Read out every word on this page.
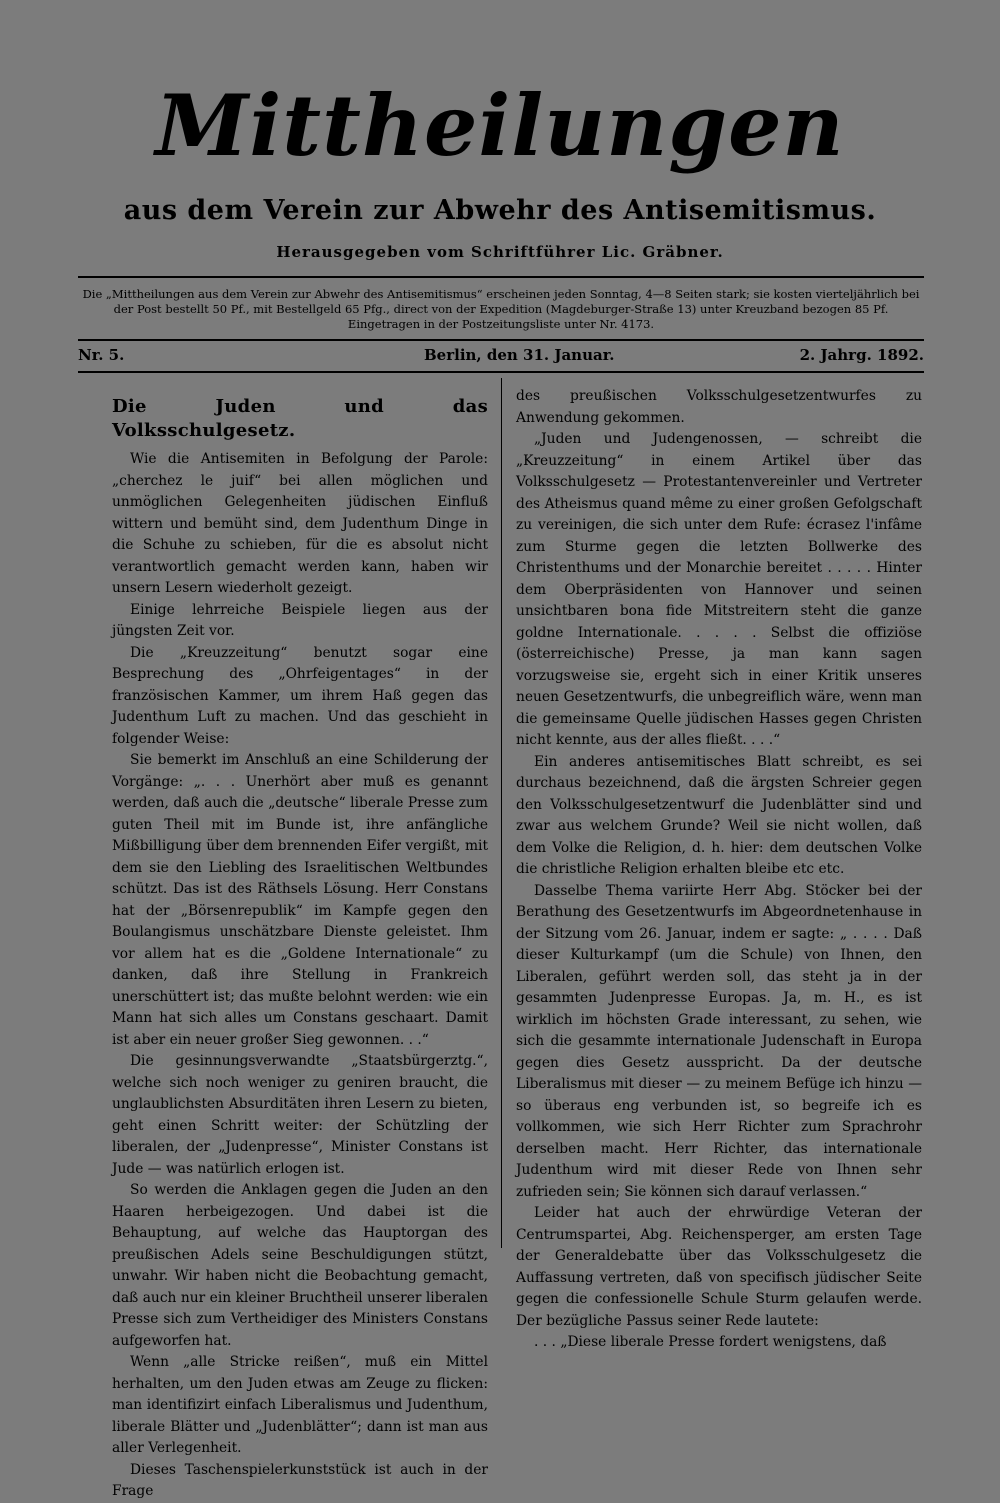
Mittheilungen
aus dem Verein zur Abwehr des Antisemitismus.
Herausgegeben vom Schriftführer Lic. Gräbner.
Die „Mittheilungen aus dem Verein zur Abwehr des Antisemitismus“ erscheinen jeden Sonntag, 4—8 Seiten stark; sie kosten vierteljährlich bei der Post bestellt 50 Pf., mit Bestellgeld 65 Pfg., direct von der Expedition (Magdeburger-Straße 13) unter Kreuzband bezogen 85 Pf. Eingetragen in der Postzeitungsliste unter Nr. 4173.
Nr. 5.	Berlin, den 31. Januar.	2. Jahrg. 1892.
Die Juden und das Volksschulgesetz.

Wie die Antisemiten in Befolgung der Parole: „cherchez le juif“ bei allen möglichen und unmöglichen Gelegenheiten jüdischen Einfluß wittern und bemüht sind, dem Judenthum Dinge in die Schuhe zu schieben, für die es absolut nicht verantwortlich gemacht werden kann, haben wir unsern Lesern wiederholt gezeigt.

Einige lehrreiche Beispiele liegen aus der jüngsten Zeit vor.

Die „Kreuzzeitung“ benutzt sogar eine Besprechung des „Ohrfeigentages“ in der französischen Kammer, um ihrem Haß gegen das Judenthum Luft zu machen. Und das geschieht in folgender Weise:

Sie bemerkt im Anschluß an eine Schilderung der Vorgänge: „. . . Unerhört aber muß es genannt werden, daß auch die „deutsche“ liberale Presse zum guten Theil mit im Bunde ist, ihre anfängliche Mißbilligung über dem brennenden Eifer vergißt, mit dem sie den Liebling des Israelitischen Weltbundes schützt. Das ist des Räthsels Lösung. Herr Constans hat der „Börsenrepublik“ im Kampfe gegen den Boulangismus unschätzbare Dienste geleistet. Ihm vor allem hat es die „Goldene Internationale“ zu danken, daß ihre Stellung in Frankreich unerschüttert ist; das mußte belohnt werden: wie ein Mann hat sich alles um Constans geschaart. Damit ist aber ein neuer großer Sieg gewonnen. . .“

Die gesinnungsverwandte „Staatsbürgerztg.“, welche sich noch weniger zu geniren braucht, die unglaublichsten Absurditäten ihren Lesern zu bieten, geht einen Schritt weiter: der Schützling der liberalen, der „Judenpresse“, Minister Constans ist Jude — was natürlich erlogen ist.

So werden die Anklagen gegen die Juden an den Haaren herbeigezogen. Und dabei ist die Behauptung, auf welche das Hauptorgan des preußischen Adels seine Beschuldigungen stützt, unwahr. Wir haben nicht die Beobachtung gemacht, daß auch nur ein kleiner Bruchtheil unserer liberalen Presse sich zum Vertheidiger des Ministers Constans aufgeworfen hat.

Wenn „alle Stricke reißen“, muß ein Mittel herhalten, um den Juden etwas am Zeuge zu flicken: man identifizirt einfach Liberalismus und Judenthum, liberale Blätter und „Judenblätter“; dann ist man aus aller Verlegenheit.

Dieses Taschenspielerkunststück ist auch in der Frage

des preußischen Volksschulgesetzentwurfes zu Anwendung gekommen.

„Juden und Judengenossen, — schreibt die „Kreuzzeitung“ in einem Artikel über das Volksschulgesetz — Protestantenvereinler und Vertreter des Atheismus quand même zu einer großen Gefolgschaft zu vereinigen, die sich unter dem Rufe: écrasez l'infâme zum Sturme gegen die letzten Bollwerke des Christenthums und der Monarchie bereitet . . . . . Hinter dem Oberpräsidenten von Hannover und seinen unsichtbaren bona fide Mitstreitern steht die ganze goldne Internationale. . . . . Selbst die offiziöse (österreichische) Presse, ja man kann sagen vorzugsweise sie, ergeht sich in einer Kritik unseres neuen Gesetzentwurfs, die unbegreiflich wäre, wenn man die gemeinsame Quelle jüdischen Hasses gegen Christen nicht kennte, aus der alles fließt. . . .“

Ein anderes antisemitisches Blatt schreibt, es sei durchaus bezeichnend, daß die ärgsten Schreier gegen den Volksschulgesetzentwurf die Judenblätter sind und zwar aus welchem Grunde? Weil sie nicht wollen, daß dem Volke die Religion, d. h. hier: dem deutschen Volke die christliche Religion erhalten bleibe etc etc.

Dasselbe Thema variirte Herr Abg. Stöcker bei der Berathung des Gesetzentwurfs im Abgeordnetenhause in der Sitzung vom 26. Januar, indem er sagte: „ . . . . Daß dieser Kulturkampf (um die Schule) von Ihnen, den Liberalen, geführt werden soll, das steht ja in der gesammten Judenpresse Europas. Ja, m. H., es ist wirklich im höchsten Grade interessant, zu sehen, wie sich die gesammte internationale Judenschaft in Europa gegen dies Gesetz ausspricht. Da der deutsche Liberalismus mit dieser — zu meinem Befüge ich hinzu — so überaus eng verbunden ist, so begreife ich es vollkommen, wie sich Herr Richter zum Sprachrohr derselben macht. Herr Richter, das internationale Judenthum wird mit dieser Rede von Ihnen sehr zufrieden sein; Sie können sich darauf verlassen.“

Leider hat auch der ehrwürdige Veteran der Centrumspartei, Abg. Reichensperger, am ersten Tage der Generaldebatte über das Volksschulgesetz die Auffassung vertreten, daß von specifisch jüdischer Seite gegen die confessionelle Schule Sturm gelaufen werde. Der bezügliche Passus seiner Rede lautete:

. . . „Diese liberale Presse fordert wenigstens, daß
